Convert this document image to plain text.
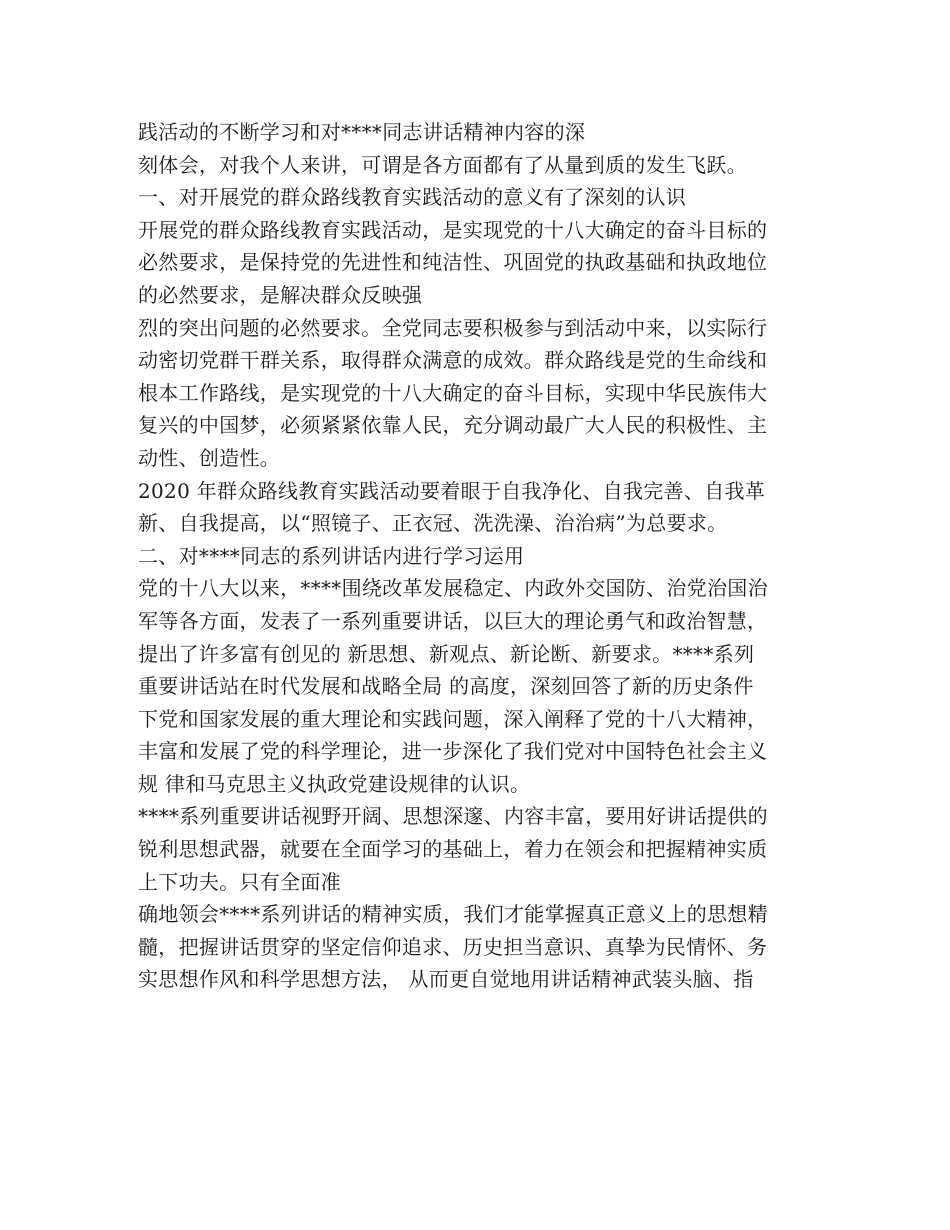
践活动的不断学习和对****同志讲话精神内容的深
刻体会，对我个人来讲，可谓是各方面都有了从量到质的发生飞跃。
一、对开展党的群众路线教育实践活动的意义有了深刻的认识
开展党的群众路线教育实践活动，是实现党的十八大确定的奋斗目标的
必然要求，是保持党的先进性和纯洁性、巩固党的执政基础和执政地位
的必然要求，是解决群众反映强
烈的突出问题的必然要求。全党同志要积极参与到活动中来，以实际行
动密切党群干群关系，取得群众满意的成效。群众路线是党的生命线和
根本工作路线，是实现党的十八大确定的奋斗目标，实现中华民族伟大
复兴的中国梦，必须紧紧依靠人民，充分调动最广大人民的积极性、主
动性、创造性。
2020 年群众路线教育实践活动要着眼于自我净化、自我完善、自我革
新、自我提高，以“照镜子、正衣冠、洗洗澡、治治病”为总要求。
二、对****同志的系列讲话内进行学习运用
党的十八大以来，****围绕改革发展稳定、内政外交国防、治党治国治
军等各方面，发表了一系列重要讲话，以巨大的理论勇气和政治智慧，
提出了许多富有创见的 新思想、新观点、新论断、新要求。****系列
重要讲话站在时代发展和战略全局 的高度，深刻回答了新的历史条件
下党和国家发展的重大理论和实践问题，深入阐释了党的十八大精神，
丰富和发展了党的科学理论，进一步深化了我们党对中国特色社会主义
规 律和马克思主义执政党建设规律的认识。
****系列重要讲话视野开阔、思想深邃、内容丰富，要用好讲话提供的
锐利思想武器，就要在全面学习的基础上，着力在领会和把握精神实质
上下功夫。只有全面准
确地领会****系列讲话的精神实质，我们才能掌握真正意义上的思想精
髓，把握讲话贯穿的坚定信仰追求、历史担当意识、真挚为民情怀、务
实思想作风和科学思想方法， 从而更自觉地用讲话精神武装头脑、指
